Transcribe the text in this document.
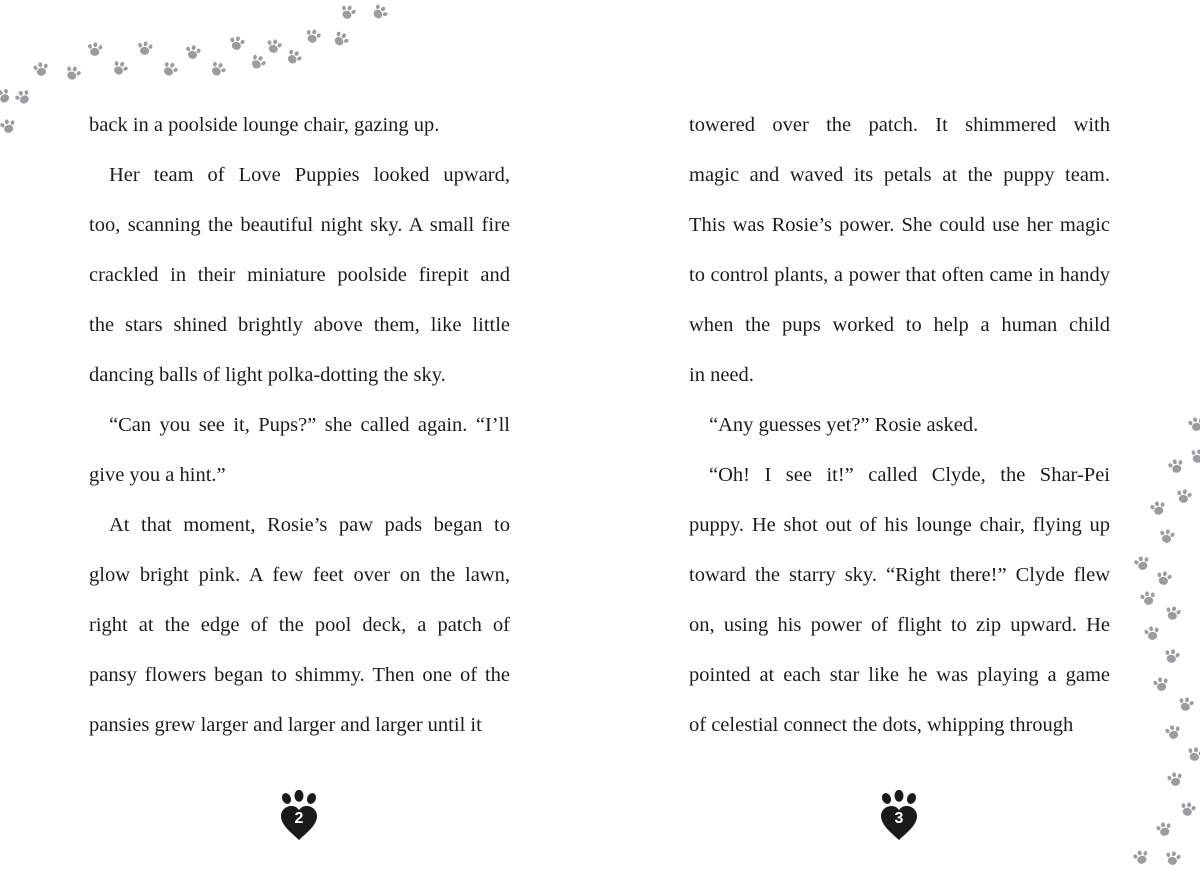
back in a poolside lounge chair, gazing up.
Her team of Love Puppies looked upward,
too, scanning the beautiful night sky. A small fire
crackled in their miniature poolside firepit and
the stars shined brightly above them, like little
dancing balls of light polka-dotting the sky.
“Can you see it, Pups?” she called again. “I’ll
give you a hint.”
At that moment, Rosie’s paw pads began to
glow bright pink. A few feet over on the lawn,
right at the edge of the pool deck, a patch of
pansy flowers began to shimmy. Then one of the
pansies grew larger and larger and larger until it
towered over the patch. It shimmered with
magic and waved its petals at the puppy team.
This was Rosie’s power. She could use her magic
to control plants, a power that often came in handy
when the pups worked to help a human child
in need.
“Any guesses yet?” Rosie asked.
“Oh! I see it!” called Clyde, the Shar-Pei
puppy. He shot out of his lounge chair, flying up
toward the starry sky. “Right there!” Clyde flew
on, using his power of flight to zip upward. He
pointed at each star like he was playing a game
of celestial connect the dots, whipping through
2	3
